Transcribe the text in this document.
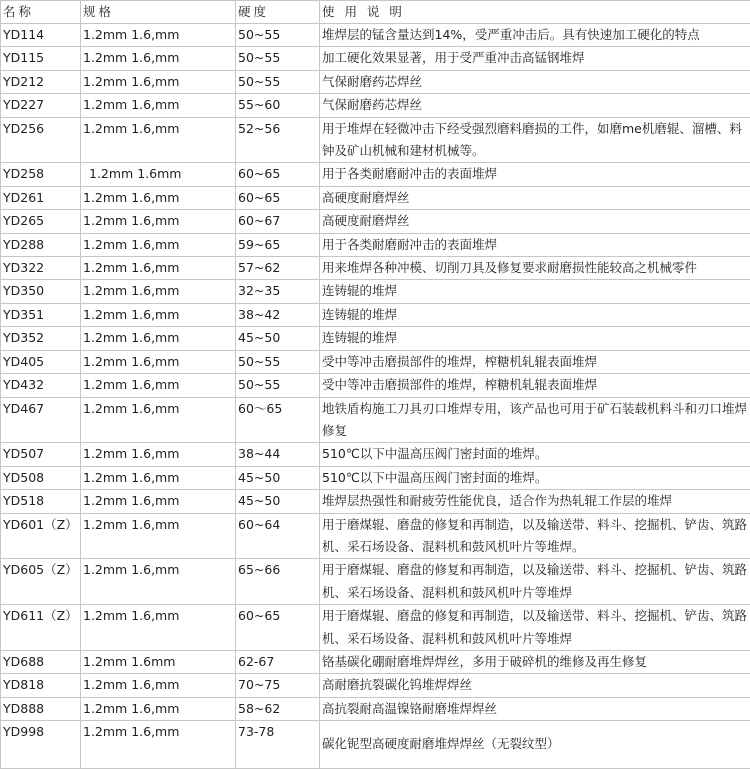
名称	规格	硬度	使 用 说 明
YD114	1.2mm 1.6,mm	50~55	堆焊层的锰含量达到14%，受严重冲击后。具有快速加工硬化的特点
YD115	1.2mm 1.6,mm	50~55	加工硬化效果显著，用于受严重冲击高锰钢堆焊
YD212	1.2mm 1.6,mm	50~55	气保耐磨药芯焊丝
YD227	1.2mm 1.6,mm	55~60	气保耐磨药芯焊丝
YD256	1.2mm 1.6,mm	52~56	用于堆焊在轻微冲击下经受强烈磨料磨损的工件，如磨me机磨辊、溜槽、料钟及矿山机械和建材机械等。
YD258	1.2mm 1.6mm	60~65	用于各类耐磨耐冲击的表面堆焊
YD261	1.2mm 1.6,mm	60~65	高硬度耐磨焊丝
YD265	1.2mm 1.6,mm	60~67	高硬度耐磨焊丝
YD288	1.2mm 1.6,mm	59~65	用于各类耐磨耐冲击的表面堆焊
YD322	1.2mm 1.6,mm	57~62	用来堆焊各种冲模、切削刀具及修复要求耐磨损性能较高之机械零件
YD350	1.2mm 1.6,mm	32~35	连铸辊的堆焊
YD351	1.2mm 1.6,mm	38~42	连铸辊的堆焊
YD352	1.2mm 1.6,mm	45~50	连铸辊的堆焊
YD405	1.2mm 1.6,mm	50~55	受中等冲击磨损部件的堆焊，榨糖机轧辊表面堆焊
YD432	1.2mm 1.6,mm	50~55	受中等冲击磨损部件的堆焊，榨糖机轧辊表面堆焊
YD467	1.2mm 1.6,mm	60～65	地铁盾构施工刀具刃口堆焊专用，该产品也可用于矿石装载机料斗和刃口堆焊修复
YD507	1.2mm 1.6,mm	38~44	510℃以下中温高压阀门密封面的堆焊。
YD508	1.2mm 1.6,mm	45~50	510℃以下中温高压阀门密封面的堆焊。
YD518	1.2mm 1.6,mm	45~50	堆焊层热强性和耐疲劳性能优良，适合作为热轧辊工作层的堆焊
YD601（Z）	1.2mm 1.6,mm	60~64	用于磨煤辊、磨盘的修复和再制造，以及输送带、料斗、挖掘机、铲齿、筑路机、采石场设备、混料机和鼓风机叶片等堆焊。
YD605（Z）	1.2mm 1.6,mm	65~66	用于磨煤辊、磨盘的修复和再制造，以及输送带、料斗、挖掘机、铲齿、筑路机、采石场设备、混料机和鼓风机叶片等堆焊
YD611（Z）	1.2mm 1.6,mm	60~65	用于磨煤辊、磨盘的修复和再制造，以及输送带、料斗、挖掘机、铲齿、筑路机、采石场设备、混料机和鼓风机叶片等堆焊
YD688	1.2mm 1.6mm	62-67	铬基碳化硼耐磨堆焊焊丝，多用于破碎机的维修及再生修复
YD818	1.2mm 1.6,mm	70~75	高耐磨抗裂碳化钨堆焊焊丝
YD888	1.2mm 1.6,mm	58~62	高抗裂耐高温镍铬耐磨堆焊焊丝
YD998	1.2mm 1.6,mm	73-78	碳化铌型高硬度耐磨堆焊焊丝（无裂纹型）
